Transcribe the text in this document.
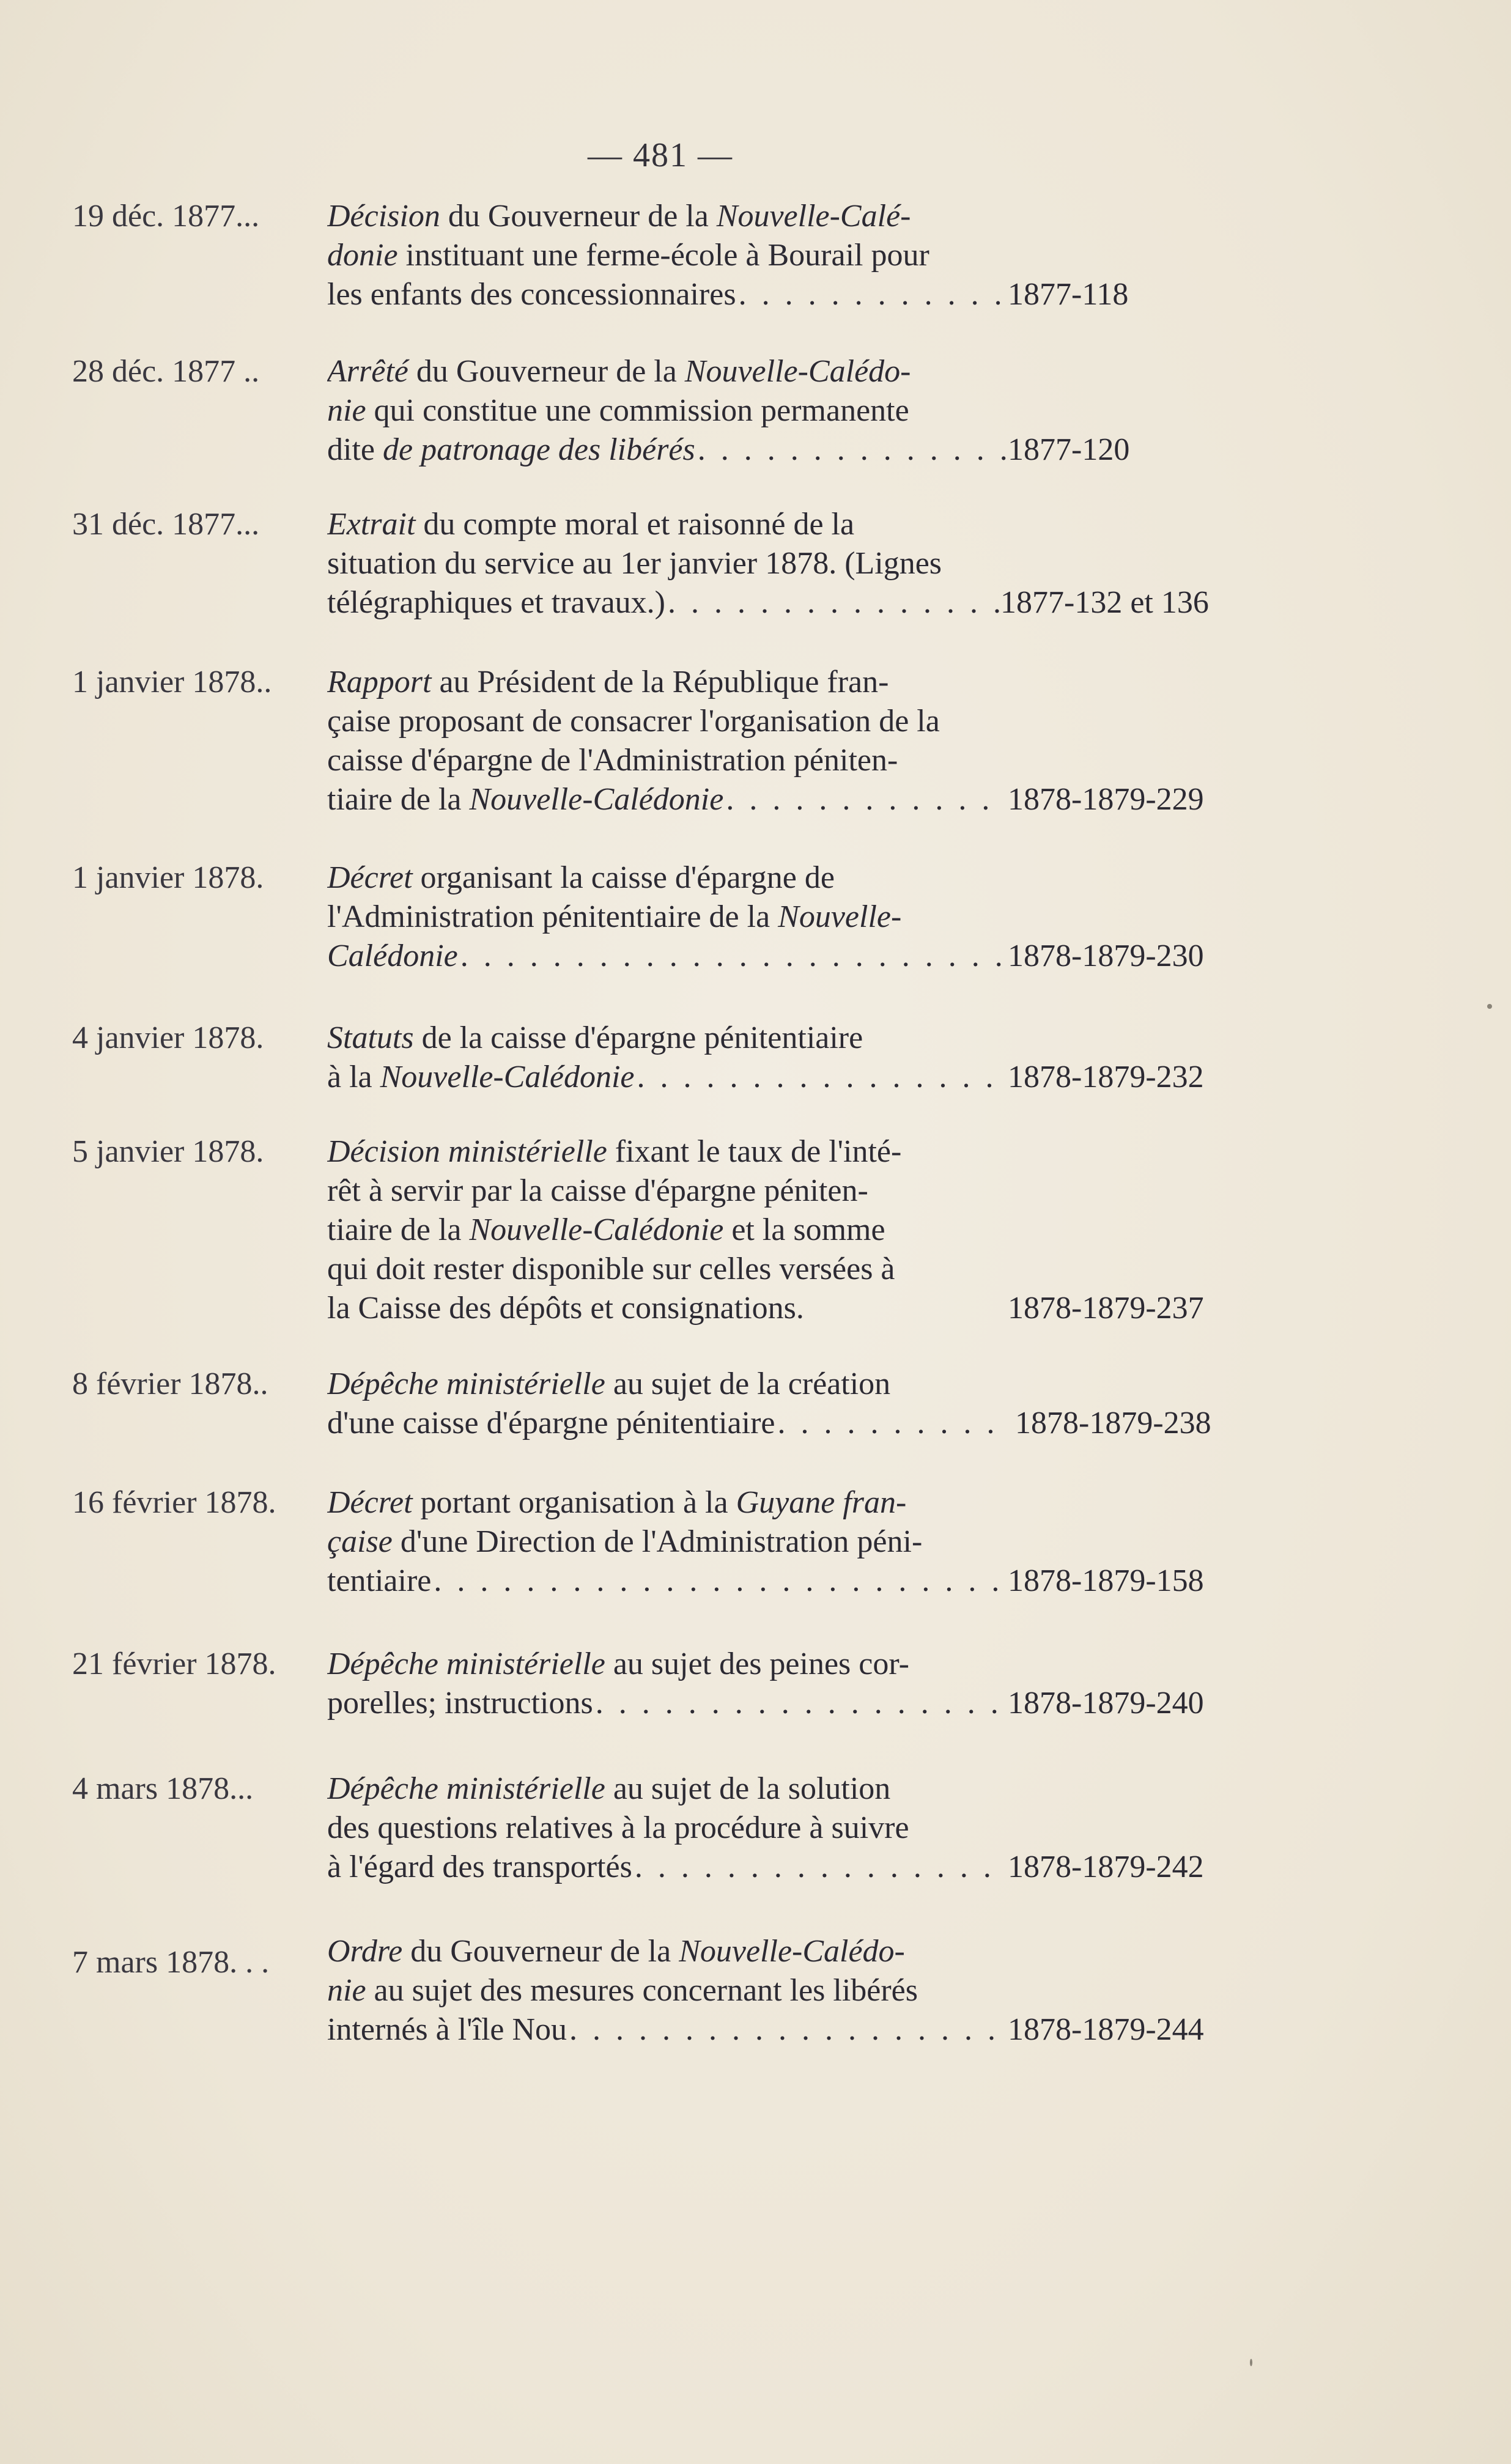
— 481 —
19 déc. 1877...	Décision du Gouverneur de la Nouvelle-Calé-
donie instituant une ferme-école à Bourail pour
les enfants des concessionnaires . . .	1877-118
28 déc. 1877 ..	Arrêté du Gouverneur de la Nouvelle-Calédo-
nie qui constitue une commission permanente
dite de patronage des libérés . . .	1877-120
31 déc. 1877...	Extrait du compte moral et raisonné de la
situation du service au 1er janvier 1878. (Lignes
télégraphiques et travaux.) . . .	1877-132 et 136
1 janvier 1878..	Rapport au Président de la République fran-
çaise proposant de consacrer l'organisation de la
caisse d'épargne de l'Administration péniten-
tiaire de la Nouvelle-Calédonie . . .	1878-1879-229
1 janvier 1878.	Décret organisant la caisse d'épargne de
l'Administration pénitentiaire de la Nouvelle-
Calédonie . . .	1878-1879-230
4 janvier 1878.	Statuts de la caisse d'épargne pénitentiaire
à la Nouvelle-Calédonie . . .	1878-1879-232
5 janvier 1878.	Décision ministérielle fixant le taux de l'inté-
rêt à servir par la caisse d'épargne péniten-
tiaire de la Nouvelle-Calédonie et la somme
qui doit rester disponible sur celles versées à
la Caisse des dépôts et consignations.	1878-1879-237
8 février 1878..	Dépêche ministérielle au sujet de la création
d'une caisse d'épargne pénitentiaire . . .	1878-1879-238
16 février 1878.	Décret portant organisation à la Guyane fran-
çaise d'une Direction de l'Administration péni-
tentiaire . . .	1878-1879-158
21 février 1878.	Dépêche ministérielle au sujet des peines cor-
porelles; instructions . . .	1878-1879-240
4 mars 1878...	Dépêche ministérielle au sujet de la solution
des questions relatives à la procédure à suivre
à l'égard des transportés . . .	1878-1879-242
7 mars 1878. . .	Ordre du Gouverneur de la Nouvelle-Calédo-
nie au sujet des mesures concernant les libérés
internés à l'île Nou . . .	1878-1879-244
